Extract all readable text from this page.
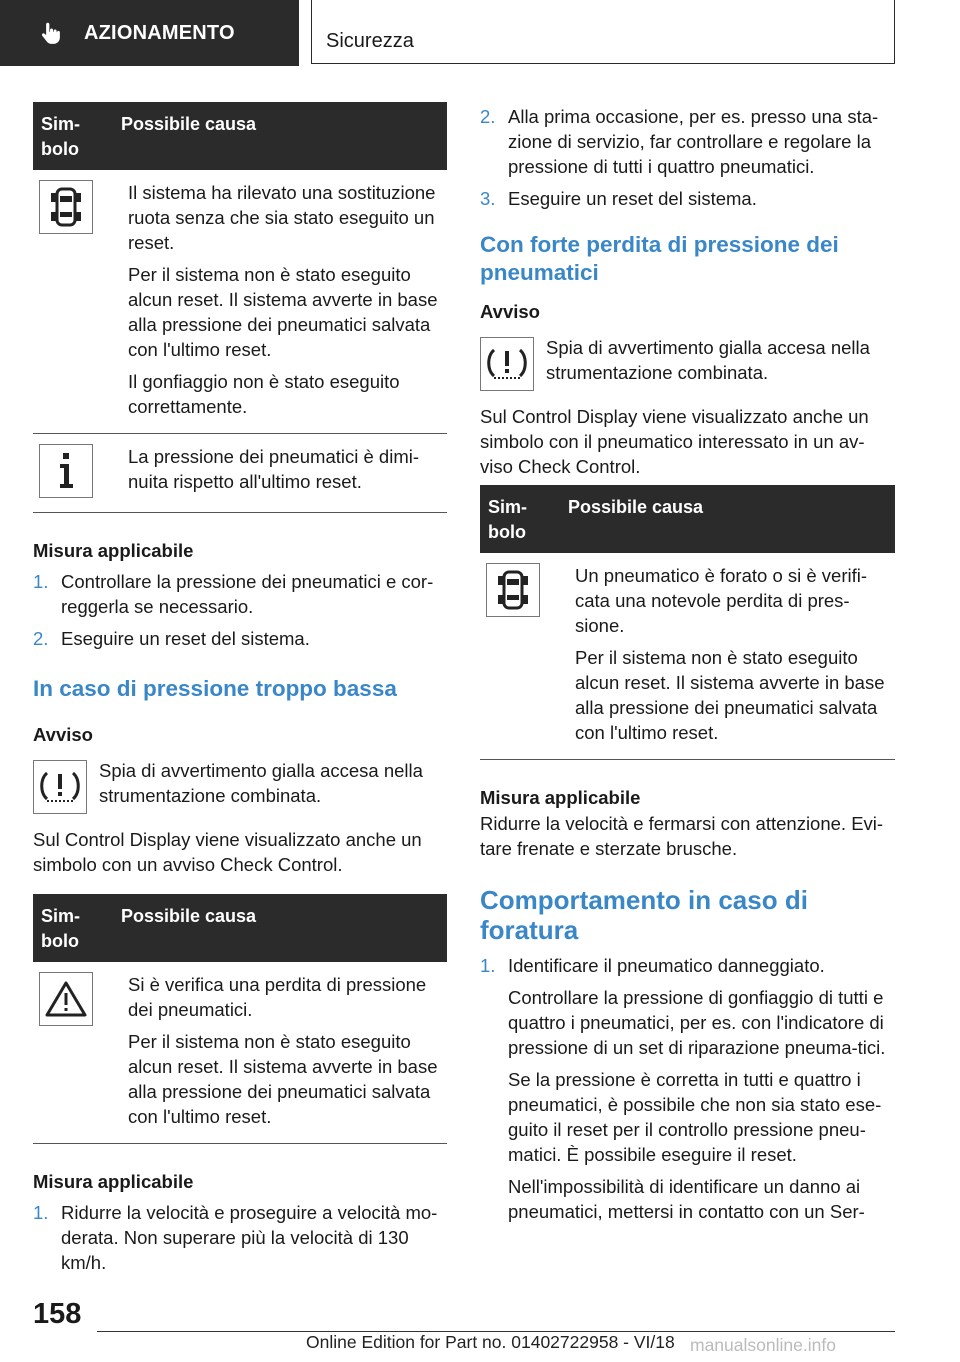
AZIONAMENTO	Sicurezza
Sim-
bolo
Possibile causa

Il sistema ha rilevato una sostituzione ruota senza che sia stato eseguito un reset.

Per il sistema non è stato eseguito alcun reset. Il sistema avverte in base alla pressione dei pneumatici salvata con l'ultimo reset.

Il gonfiaggio non è stato eseguito correttamente.

La pressione dei pneumatici è dimi-nuita rispetto all'ultimo reset.

Misura applicabile
1. Controllare la pressione dei pneumatici e cor-reggerla se necessario.
2. Eseguire un reset del sistema.
In caso di pressione troppo bassa
Avviso
Spia di avvertimento gialla accesa nella strumentazione combinata.

Sul Control Display viene visualizzato anche un simbolo con un avviso Check Control.

Sim-
bolo
Possibile causa

Si è verifica una perdita di pressione dei pneumatici.

Per il sistema non è stato eseguito alcun reset. Il sistema avverte in base alla pressione dei pneumatici salvata con l'ultimo reset.

Misura applicabile
1. Ridurre la velocità e proseguire a velocità mo-derata. Non superare più la velocità di 130 km/h.
2. Alla prima occasione, per es. presso una sta-zione di servizio, far controllare e regolare la pressione di tutti i quattro pneumatici.
3. Eseguire un reset del sistema.
Con forte perdita di pressione dei pneumatici
Avviso
Spia di avvertimento gialla accesa nella strumentazione combinata.

Sul Control Display viene visualizzato anche un simbolo con il pneumatico interessato in un av-viso Check Control.

Sim-
bolo
Possibile causa

Un pneumatico è forato o si è verifi-cata una notevole perdita di pres-sione.

Per il sistema non è stato eseguito alcun reset. Il sistema avverte in base alla pressione dei pneumatici salvata con l'ultimo reset.

Misura applicabile

Ridurre la velocità e fermarsi con attenzione. Evi-tare frenate e sterzate brusche.

Comportamento in caso di foratura
1. Identificare il pneumatico danneggiato.

Controllare la pressione di gonfiaggio di tutti e quattro i pneumatici, per es. con l'indicatore di pressione di un set di riparazione pneuma-tici.

Se la pressione è corretta in tutti e quattro i pneumatici, è possibile che non sia stato ese-guito il reset per il controllo pressione pneu-matici. È possibile eseguire il reset.

Nell'impossibilità di identificare un danno ai pneumatici, mettersi in contatto con un Ser-

158
Online Edition for Part no. 01402722958 - VI/18 manualsonline.info
